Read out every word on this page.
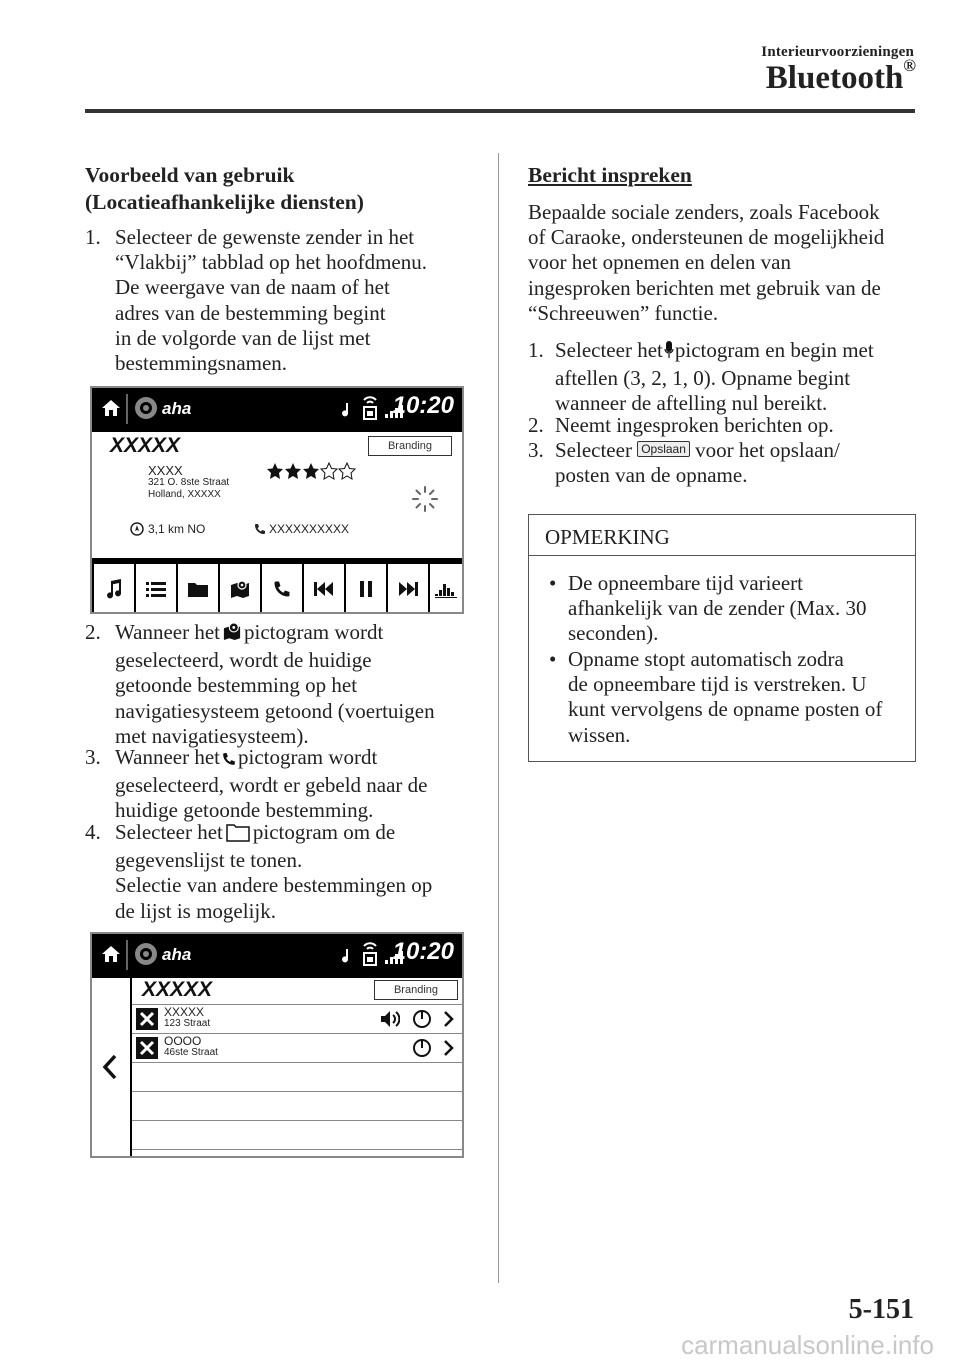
Interieurvoorzieningen
Bluetooth®
Voorbeeld van gebruik
(Locatieafhankelijke diensten)
1. Selecteer de gewenste zender in het
“Vlakbij” tabblad op het hoofdmenu.
De weergave van de naam of het
adres van de bestemming begint
in de volgorde van de lijst met
bestemmingsnamen.
aha	10:20
XXXXX	Branding
XXXX
321 O. 8ste Straat
Holland, XXXXX
3,1 km NO	XXXXXXXXXX
2. Wanneer het pictogram wordt
geselecteerd, wordt de huidige
getoonde bestemming op het
navigatiesysteem getoond (voertuigen
met navigatiesysteem).
3. Wanneer het pictogram wordt
geselecteerd, wordt er gebeld naar de
huidige getoonde bestemming.
4. Selecteer het pictogram om de
gegevenslijst te tonen.
Selectie van andere bestemmingen op
de lijst is mogelijk.
aha	10:20
XXXXX	Branding
XXXXX
123 Straat
OOOO
46ste Straat
Bericht inspreken
Bepaalde sociale zenders, zoals Facebook
of Caraoke, ondersteunen de mogelijkheid
voor het opnemen en delen van
ingesproken berichten met gebruik van de
“Schreeuwen” functie.
1. Selecteer het pictogram en begin met
aftellen (3, 2, 1, 0). Opname begint
wanneer de aftelling nul bereikt.
2. Neemt ingesproken berichten op.
3. Selecteer Opslaan voor het opslaan/
posten van de opname.
OPMERKING
• De opneembare tijd varieert
afhankelijk van de zender (Max. 30
seconden).
• Opname stopt automatisch zodra
de opneembare tijd is verstreken. U
kunt vervolgens de opname posten of
wissen.
5-151
carmanualsonline.info
